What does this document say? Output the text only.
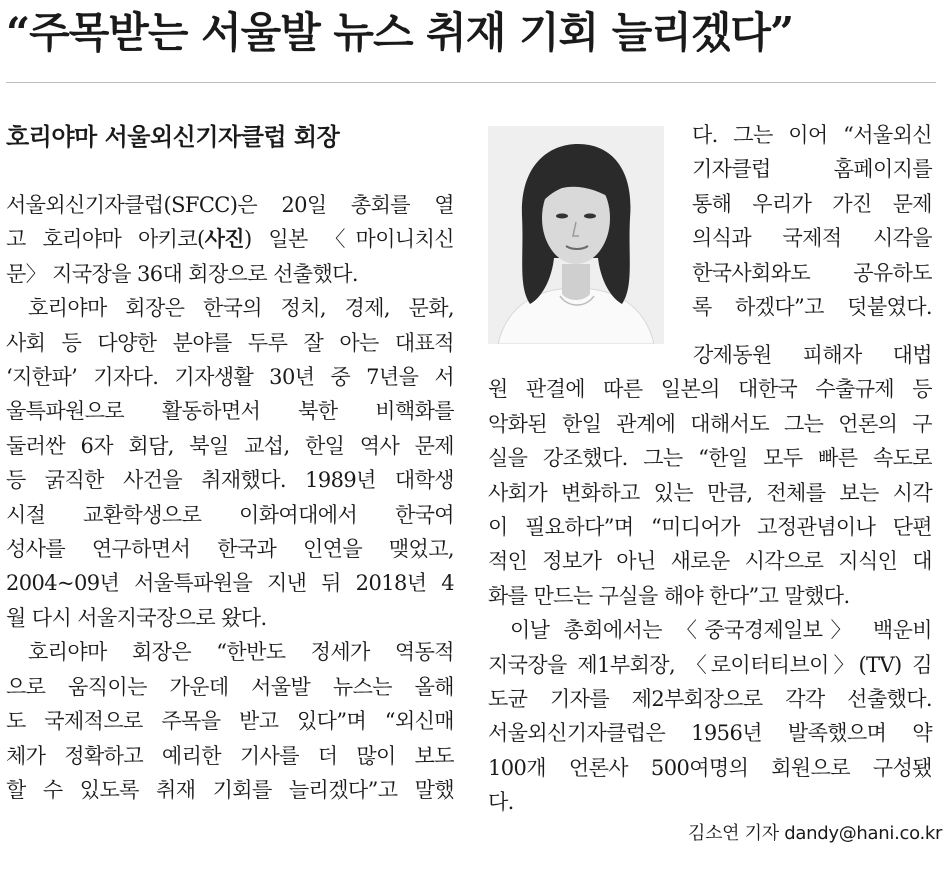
“주목받는 서울발 뉴스 취재 기회 늘리겠다”
호리야마 서울외신기자클럽 회장
서울외신기자클럽(SFCC)은 20일 총회를 열
고 호리야마 아키코(사진) 일본 〈마이니치신
문〉 지국장을 36대 회장으로 선출했다.
호리야마 회장은 한국의 정치, 경제, 문화,
사회 등 다양한 분야를 두루 잘 아는 대표적
‘지한파’ 기자다. 기자생활 30년 중 7년을 서
울특파원으로 활동하면서 북한 비핵화를
둘러싼 6자 회담, 북일 교섭, 한일 역사 문제
등 굵직한 사건을 취재했다. 1989년 대학생
시절 교환학생으로 이화여대에서 한국여
성사를 연구하면서 한국과 인연을 맺었고,
2004~09년 서울특파원을 지낸 뒤 2018년 4
월 다시 서울지국장으로 왔다.
호리야마 회장은 “한반도 정세가 역동적
으로 움직이는 가운데 서울발 뉴스는 올해
도 국제적으로 주목을 받고 있다”며 “외신매
체가 정확하고 예리한 기사를 더 많이 보도
할 수 있도록 취재 기회를 늘리겠다”고 말했
다. 그는 이어 “서울외신
기자클럽 홈페이지를
통해 우리가 가진 문제
의식과 국제적 시각을
한국사회와도 공유하도
록 하겠다”고 덧붙였다.
강제동원 피해자 대법
원 판결에 따른 일본의 대한국 수출규제 등
악화된 한일 관계에 대해서도 그는 언론의 구
실을 강조했다. 그는 “한일 모두 빠른 속도로
사회가 변화하고 있는 만큼, 전체를 보는 시각
이 필요하다”며 “미디어가 고정관념이나 단편
적인 정보가 아닌 새로운 시각으로 지식인 대
화를 만드는 구실을 해야 한다”고 말했다.
이날 총회에서는 〈중국경제일보〉 백운비
지국장을 제1부회장, 〈로이터티브이〉(TV) 김
도균 기자를 제2부회장으로 각각 선출했다.
서울외신기자클럽은 1956년 발족했으며 약
100개 언론사 500여명의 회원으로 구성됐
다.
김소연 기자 dandy@hani.co.kr
